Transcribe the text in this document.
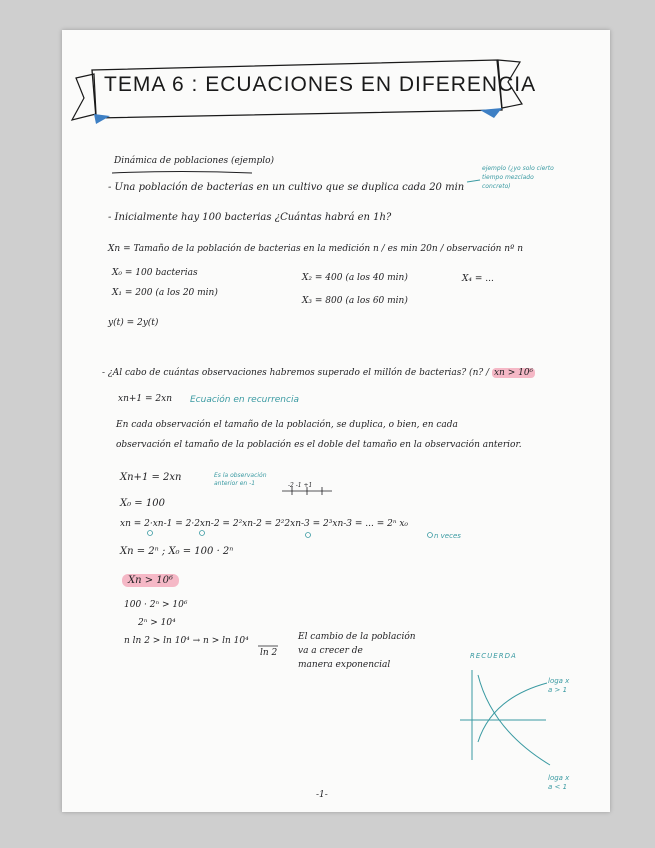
TEMA 6 : ECUACIONES EN DIFERENCIA
Dinámica de poblaciones (ejemplo)
ejemplo (¿yo solo cierto
tiempo mezclado
concreto)
- Una población de bacterias en un cultivo que se duplica cada 20 min
- Inicialmente hay 100 bacterias ¿Cuántas habrá en 1h?
Xn = Tamaño de la población de bacterias en la medición n / es min 20n / observación nº n
X₀ = 100 bacterias
X₁ = 200 (a los 20 min)
X₂ = 400 (a los 40 min)
X₃ = 800 (a los 60 min)
X₄ = ...
y(t) = 2y(t)
- ¿Al cabo de cuántas observaciones habremos superado el millón de bacterias? (n? / xn > 10⁶
xn+1 = 2xn Ecuación en recurrencia
En cada observación el tamaño de la población, se duplica, o bien, en cada
observación el tamaño de la población es el doble del tamaño en la observación anterior.
Xn+1 = 2xn	Es la observación
anterior en -1	-2 -1 +1
X₀ = 100
xn = 2·xn-1 = 2·2xn-2 = 2²xn-2 = 2²2xn-3 = 2³xn-3 = ... = 2ⁿ x₀
n veces
Xn = 2ⁿ ; X₀ = 100 · 2ⁿ
Xn > 10⁶
100 · 2ⁿ > 10⁶
2ⁿ > 10⁴
n ln 2 > ln 10⁴ → n > ln 10⁴
ln 2
El cambio de la población
va a crecer de
manera exponencial
RECUERDA
loga x
a > 1
loga x
a < 1
-1-
